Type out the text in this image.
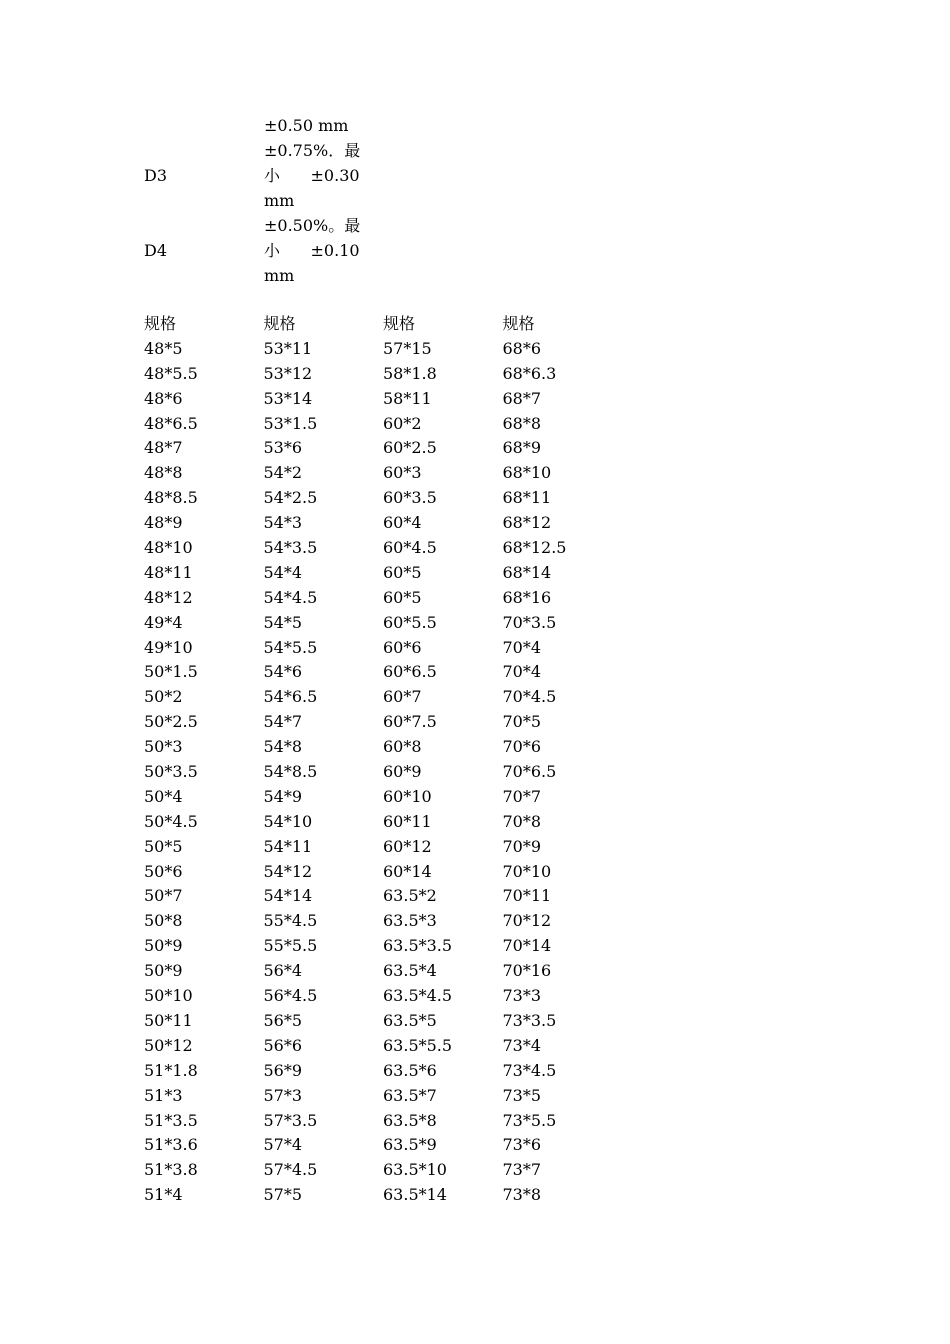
±0.50 mm
±0.75%．最
D3	小      ±0.30
mm
±0.50%。最
D4	小      ±0.10
mm
规格	规格	规格	规格
48*5	53*11	57*15	68*6
48*5.5	53*12	58*1.8	68*6.3
48*6	53*14	58*11	68*7
48*6.5	53*1.5	60*2	68*8
48*7	53*6	60*2.5	68*9
48*8	54*2	60*3	68*10
48*8.5	54*2.5	60*3.5	68*11
48*9	54*3	60*4	68*12
48*10	54*3.5	60*4.5	68*12.5
48*11	54*4	60*5	68*14
48*12	54*4.5	60*5	68*16
49*4	54*5	60*5.5	70*3.5
49*10	54*5.5	60*6	70*4
50*1.5	54*6	60*6.5	70*4
50*2	54*6.5	60*7	70*4.5
50*2.5	54*7	60*7.5	70*5
50*3	54*8	60*8	70*6
50*3.5	54*8.5	60*9	70*6.5
50*4	54*9	60*10	70*7
50*4.5	54*10	60*11	70*8
50*5	54*11	60*12	70*9
50*6	54*12	60*14	70*10
50*7	54*14	63.5*2	70*11
50*8	55*4.5	63.5*3	70*12
50*9	55*5.5	63.5*3.5	70*14
50*9	56*4	63.5*4	70*16
50*10	56*4.5	63.5*4.5	73*3
50*11	56*5	63.5*5	73*3.5
50*12	56*6	63.5*5.5	73*4
51*1.8	56*9	63.5*6	73*4.5
51*3	57*3	63.5*7	73*5
51*3.5	57*3.5	63.5*8	73*5.5
51*3.6	57*4	63.5*9	73*6
51*3.8	57*4.5	63.5*10	73*7
51*4	57*5	63.5*14	73*8
